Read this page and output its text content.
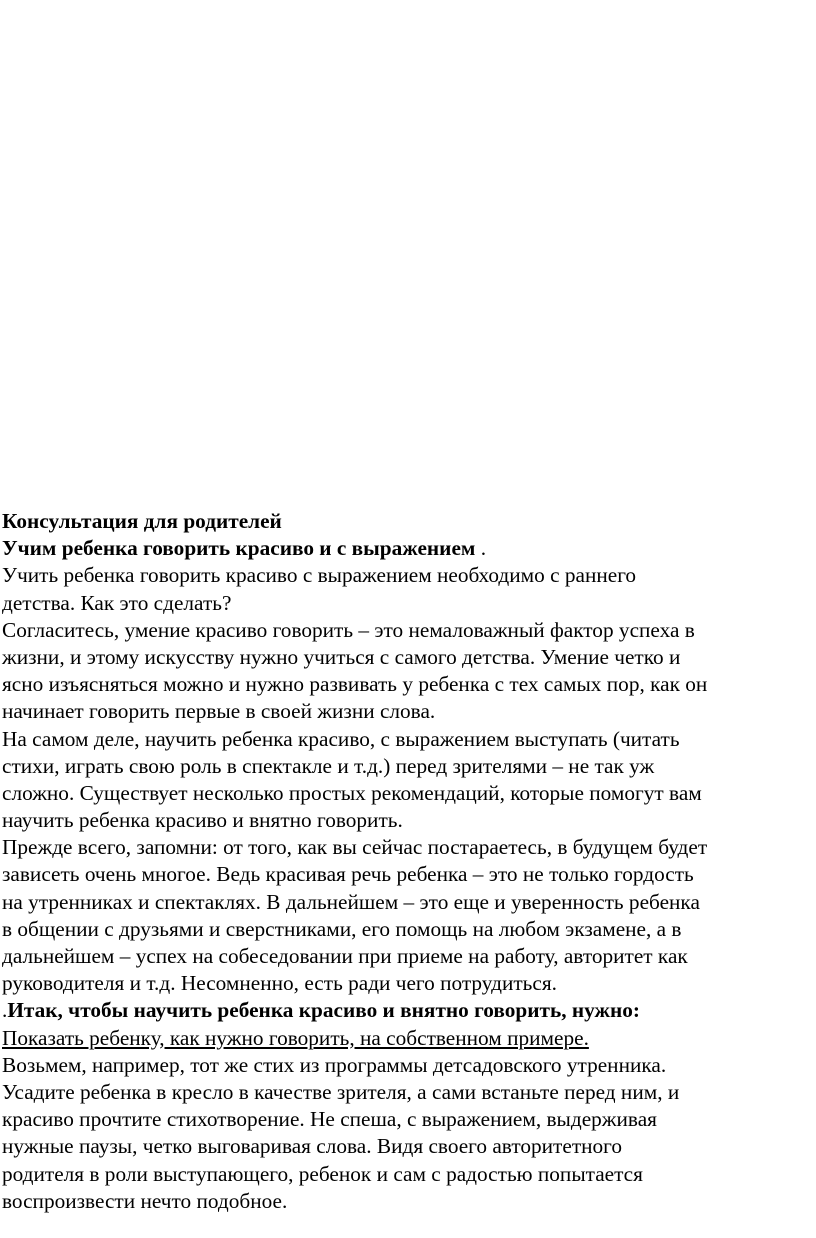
Консультация для родителей
Учим ребенка говорить красиво и с выражением .
Учить ребенка говорить красиво с выражением необходимо с раннего
детства. Как это сделать?
Согласитесь, умение красиво говорить – это немаловажный фактор успеха в
жизни, и этому искусству нужно учиться с самого детства. Умение четко и
ясно изъясняться можно и нужно развивать у ребенка с тех самых пор, как он
начинает говорить первые в своей жизни слова.
На самом деле, научить ребенка красиво, с выражением выступать (читать
стихи, играть свою роль в спектакле и т.д.) перед зрителями – не так уж
сложно. Существует несколько простых рекомендаций, которые помогут вам
научить ребенка красиво и внятно говорить.
Прежде всего, запомни: от того, как вы сейчас постараетесь, в будущем будет
зависеть очень многое. Ведь красивая речь ребенка – это не только гордость
на утренниках и спектаклях. В дальнейшем – это еще и уверенность ребенка
в общении с друзьями и сверстниками, его помощь на любом экзамене, а в
дальнейшем – успех на собеседовании при приеме на работу, авторитет как
руководителя и т.д. Несомненно, есть ради чего потрудиться.
.Итак, чтобы научить ребенка красиво и внятно говорить, нужно:
Показать ребенку, как нужно говорить, на собственном примере.
Возьмем, например, тот же стих из программы детсадовского утренника.
Усадите ребенка в кресло в качестве зрителя, а сами встаньте перед ним, и
красиво прочтите стихотворение. Не спеша, с выражением, выдерживая
нужные паузы, четко выговаривая слова. Видя своего авторитетного
родителя в роли выступающего, ребенок и сам с радостью попытается
воспроизвести нечто подобное.
